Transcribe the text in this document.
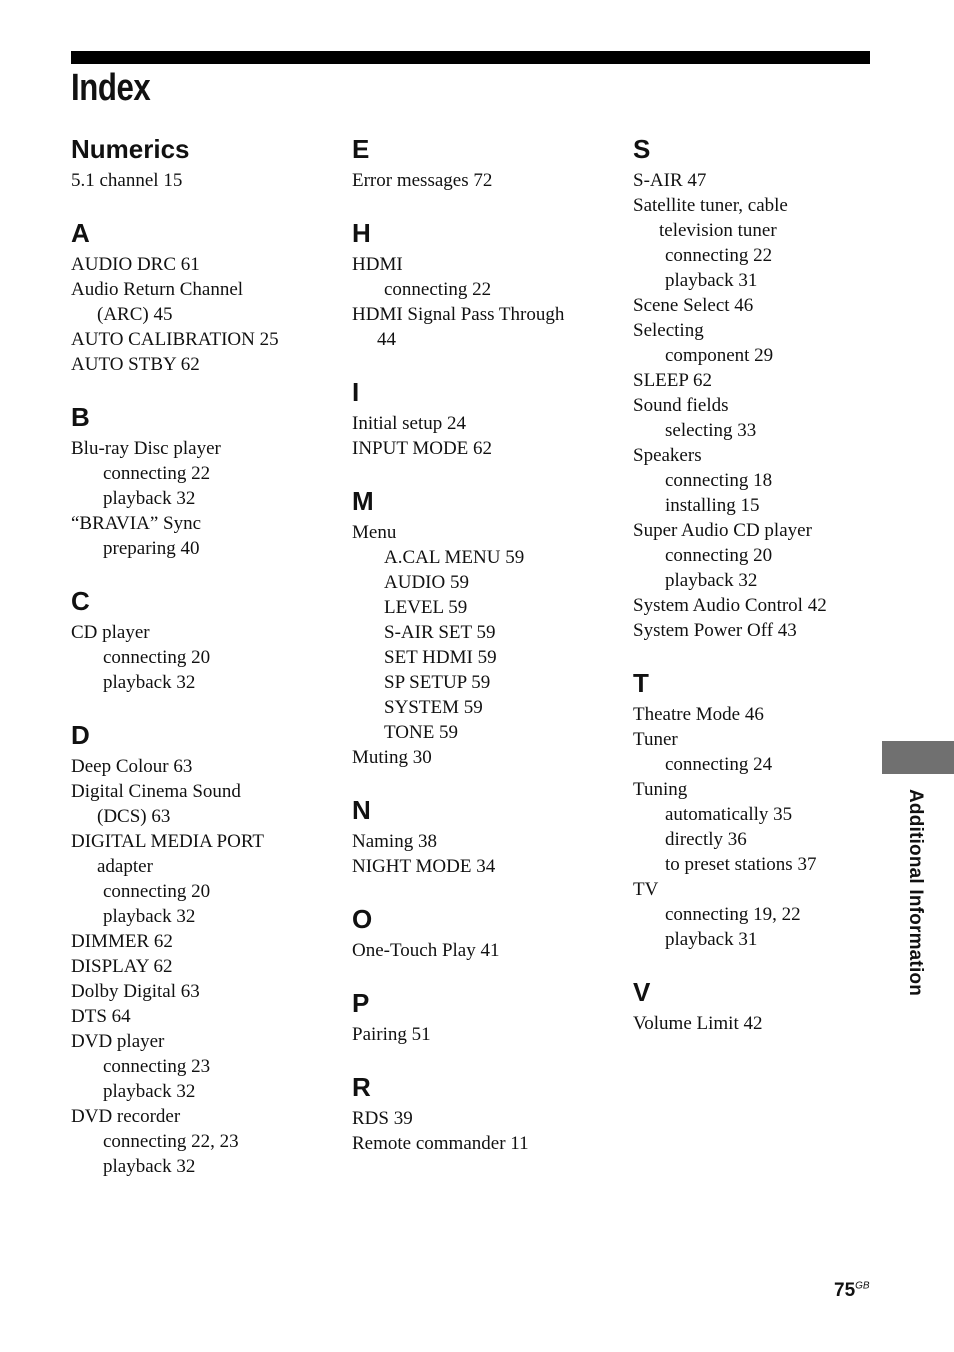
Index
Numerics
5.1 channel 15
A
AUDIO DRC 61
Audio Return Channel
(ARC) 45
AUTO CALIBRATION 25
AUTO STBY 62
B
Blu-ray Disc player
connecting 22
playback 32
“BRAVIA” Sync
preparing 40
C
CD player
connecting 20
playback 32
D
Deep Colour 63
Digital Cinema Sound
(DCS) 63
DIGITAL MEDIA PORT
adapter
connecting 20
playback 32
DIMMER 62
DISPLAY 62
Dolby Digital 63
DTS 64
DVD player
connecting 23
playback 32
DVD recorder
connecting 22, 23
playback 32
E
Error messages 72
H
HDMI
connecting 22
HDMI Signal Pass Through
44
I
Initial setup 24
INPUT MODE 62
M
Menu
A.CAL MENU 59
AUDIO 59
LEVEL 59
S-AIR SET 59
SET HDMI 59
SP SETUP 59
SYSTEM 59
TONE 59
Muting 30
N
Naming 38
NIGHT MODE 34
O
One-Touch Play 41
P
Pairing 51
R
RDS 39
Remote commander 11
S
S-AIR 47
Satellite tuner, cable
television tuner
connecting 22
playback 31
Scene Select 46
Selecting
component 29
SLEEP 62
Sound fields
selecting 33
Speakers
connecting 18
installing 15
Super Audio CD player
connecting 20
playback 32
System Audio Control 42
System Power Off 43
T
Theatre Mode 46
Tuner
connecting 24
Tuning
automatically 35
directly 36
to preset stations 37
TV
connecting 19, 22
playback 31
V
Volume Limit 42
Additional Information
$75^{GB}$
